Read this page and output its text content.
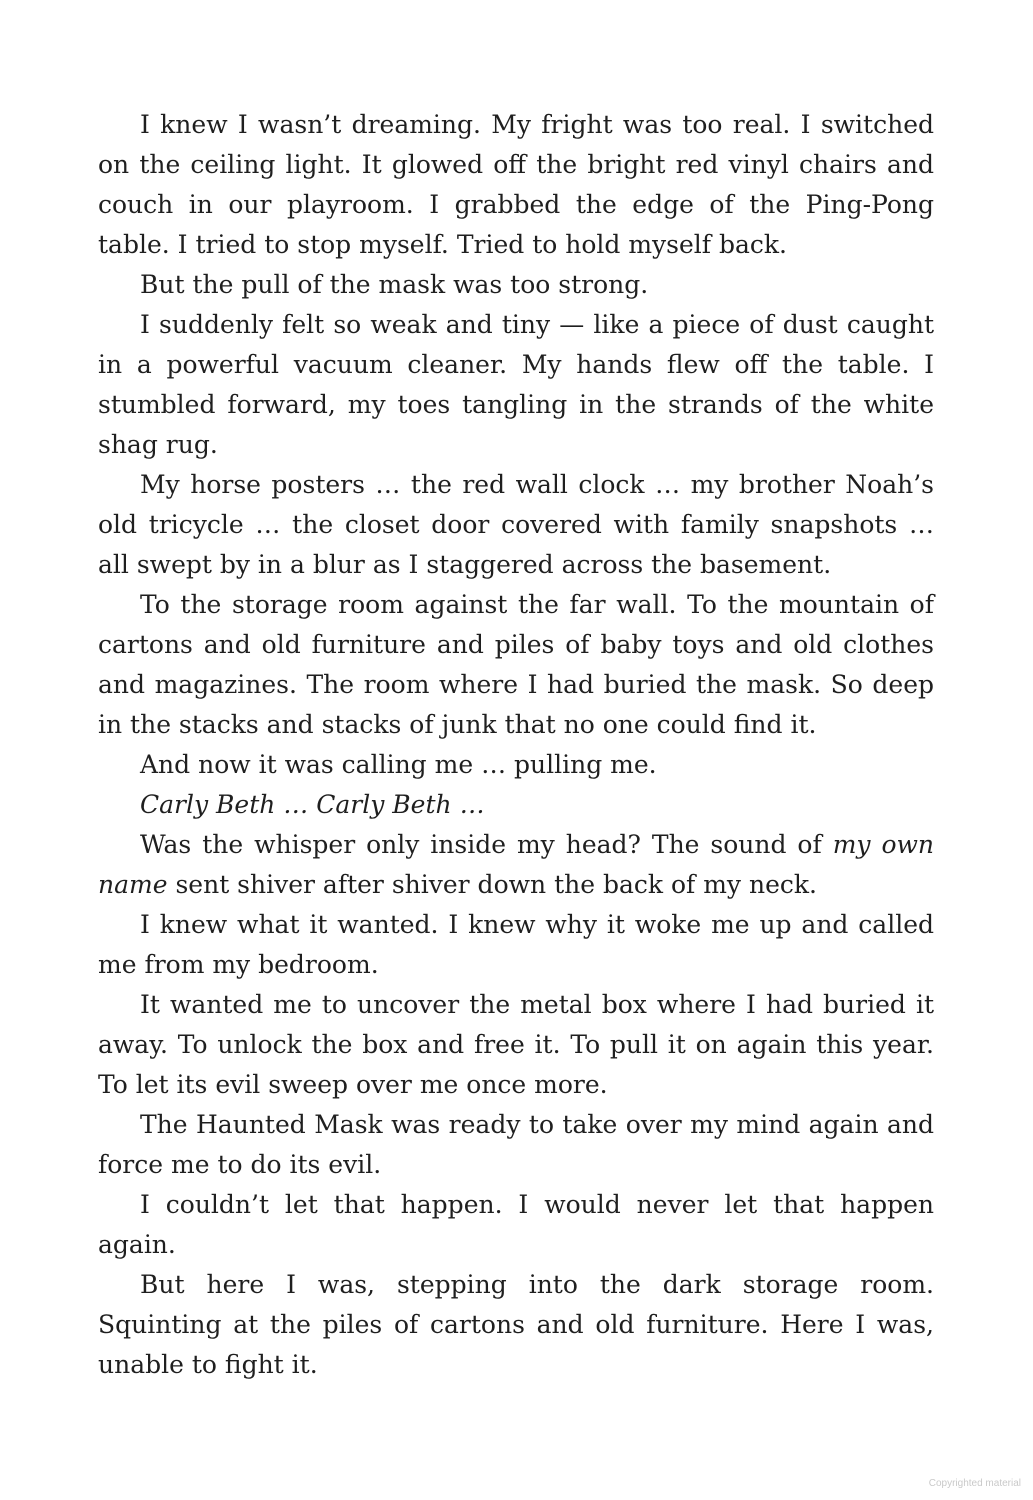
I knew I wasn’t dreaming. My fright was too real. I switched on the ceiling light. It glowed off the bright red vinyl chairs and couch in our playroom. I grabbed the edge of the Ping-Pong table. I tried to stop myself. Tried to hold myself back.

But the pull of the mask was too strong.

I suddenly felt so weak and tiny — like a piece of dust caught in a powerful vacuum cleaner. My hands flew off the table. I stumbled forward, my toes tangling in the strands of the white shag rug.

My horse posters … the red wall clock … my brother Noah’s old tricycle … the closet door covered with family snapshots … all swept by in a blur as I staggered across the basement.

To the storage room against the far wall. To the mountain of cartons and old furniture and piles of baby toys and old clothes and magazines. The room where I had buried the mask. So deep in the stacks and stacks of junk that no one could find it.

And now it was calling me … pulling me.

Carly Beth … Carly Beth …

Was the whisper only inside my head? The sound of my own name sent shiver after shiver down the back of my neck.

I knew what it wanted. I knew why it woke me up and called me from my bedroom.

It wanted me to uncover the metal box where I had buried it away. To unlock the box and free it. To pull it on again this year. To let its evil sweep over me once more.

The Haunted Mask was ready to take over my mind again and force me to do its evil.

I couldn’t let that happen. I would never let that happen again.

But here I was, stepping into the dark storage room. Squinting at the piles of cartons and old furniture. Here I was, unable to fight it.

Copyrighted material
